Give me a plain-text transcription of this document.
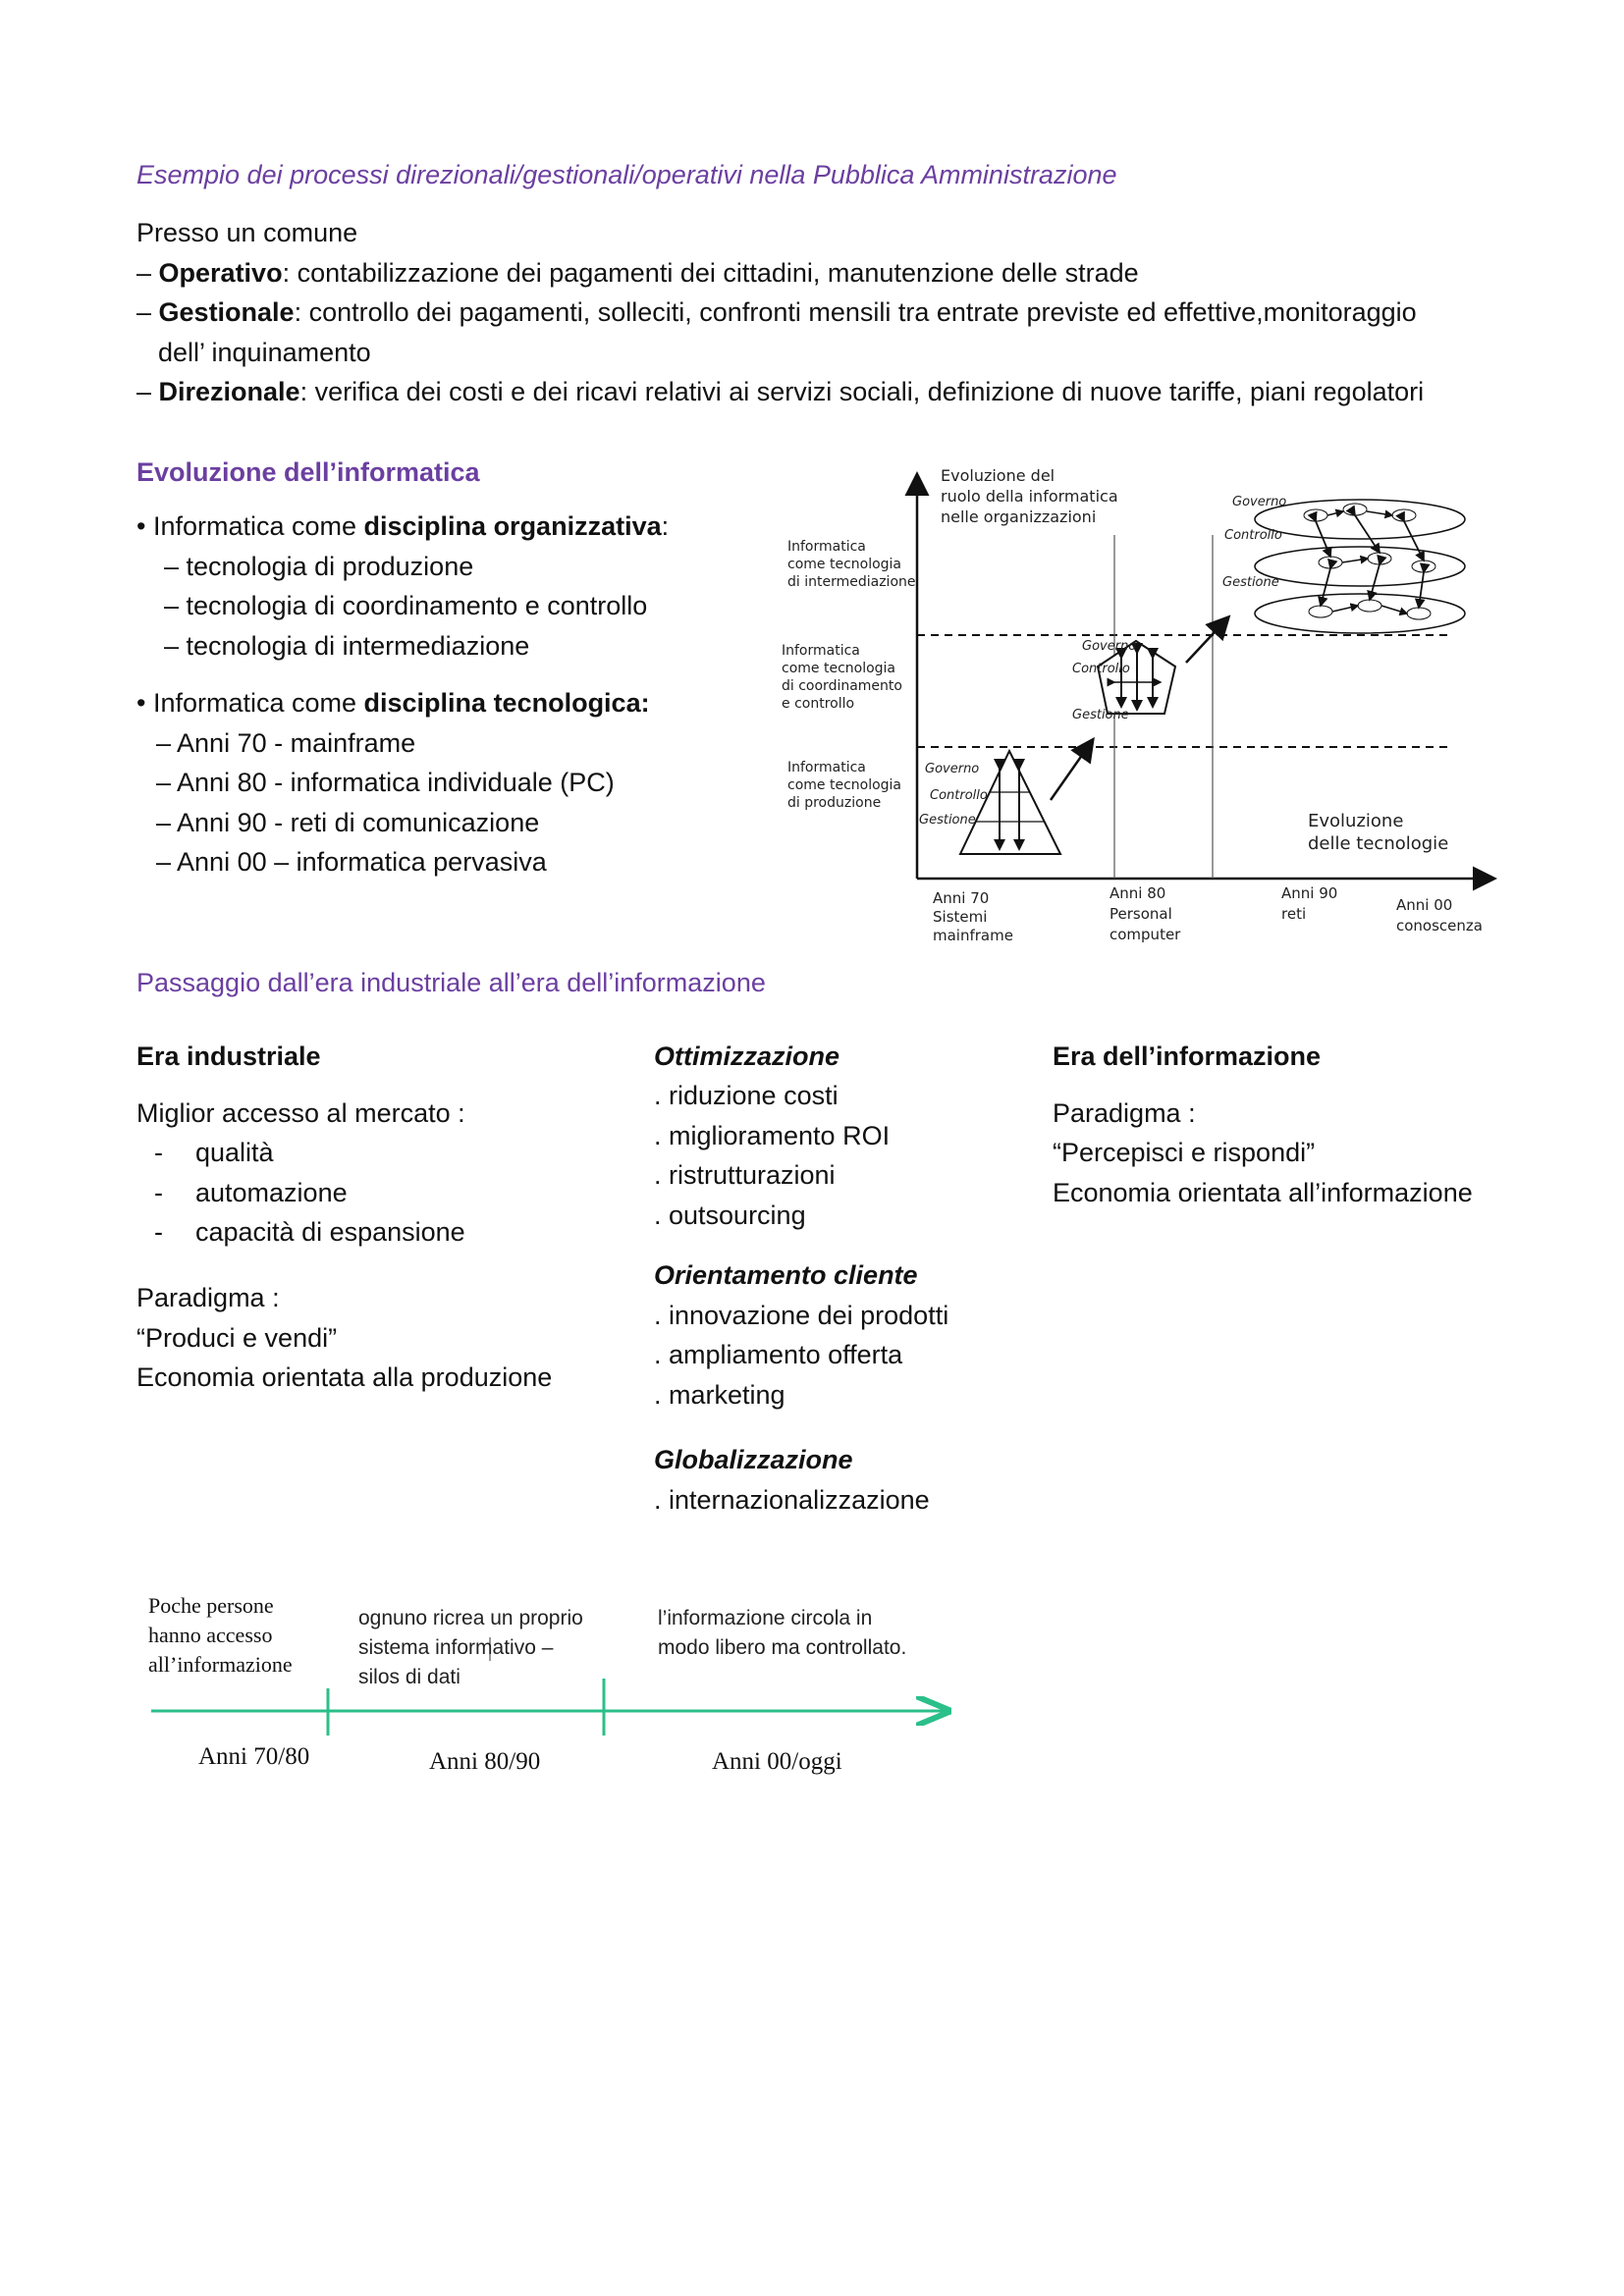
Esempio dei processi direzionali/gestionali/operativi nella Pubblica Amministrazione
Presso un comune
– Operativo: contabilizzazione dei pagamenti dei cittadini, manutenzione delle strade
– Gestionale: controllo dei pagamenti, solleciti, confronti mensili tra entrate previste ed effettive,monitoraggio
dell’ inquinamento
– Direzionale: verifica dei costi e dei ricavi relativi ai servizi sociali, definizione di nuove tariffe, piani regolatori
Evoluzione dell’informatica
• Informatica come disciplina organizzativa:
– tecnologia di produzione
– tecnologia di coordinamento e controllo
– tecnologia di intermediazione
• Informatica come disciplina tecnologica:
– Anni 70 - mainframe
– Anni 80 - informatica individuale (PC)
– Anni 90 - reti di comunicazione
– Anni 00 – informatica pervasiva
Evoluzione del ruolo della informatica nelle organizzazioni
Informatica come tecnologia di intermediazione
Informatica come tecnologia di coordinamento e controllo
Informatica come tecnologia di produzione
Anni 70 Sistemi mainframe
Anni 80 Personal computer
Anni 90 reti	Anni 00 conoscenza
Evoluzione delle tecnologie
Governo
Controllo
Gestione
Governo
Controllo
Gestione
Governo
Controllo
Gestione
Passaggio dall’era industriale all’era dell’informazione
Era industriale
Miglior accesso al mercato :
- qualità
- automazione
- capacità di espansione
Paradigma :
“Produci e vendi”
Economia orientata alla produzione
Ottimizzazione
. riduzione costi
. miglioramento ROI
. ristrutturazioni
. outsourcing
Orientamento cliente
. innovazione dei prodotti
. ampliamento offerta
. marketing
Globalizzazione
. internazionalizzazione
Era dell’informazione
Paradigma :
“Percepisci e rispondi”
Economia orientata all’informazione
Poche persone hanno accesso all’informazione
ognuno ricrea un proprio sistema informativo – silos di dati
l’informazione circola in modo libero ma controllato.
Anni 70/80	Anni 80/90	Anni 00/oggi
